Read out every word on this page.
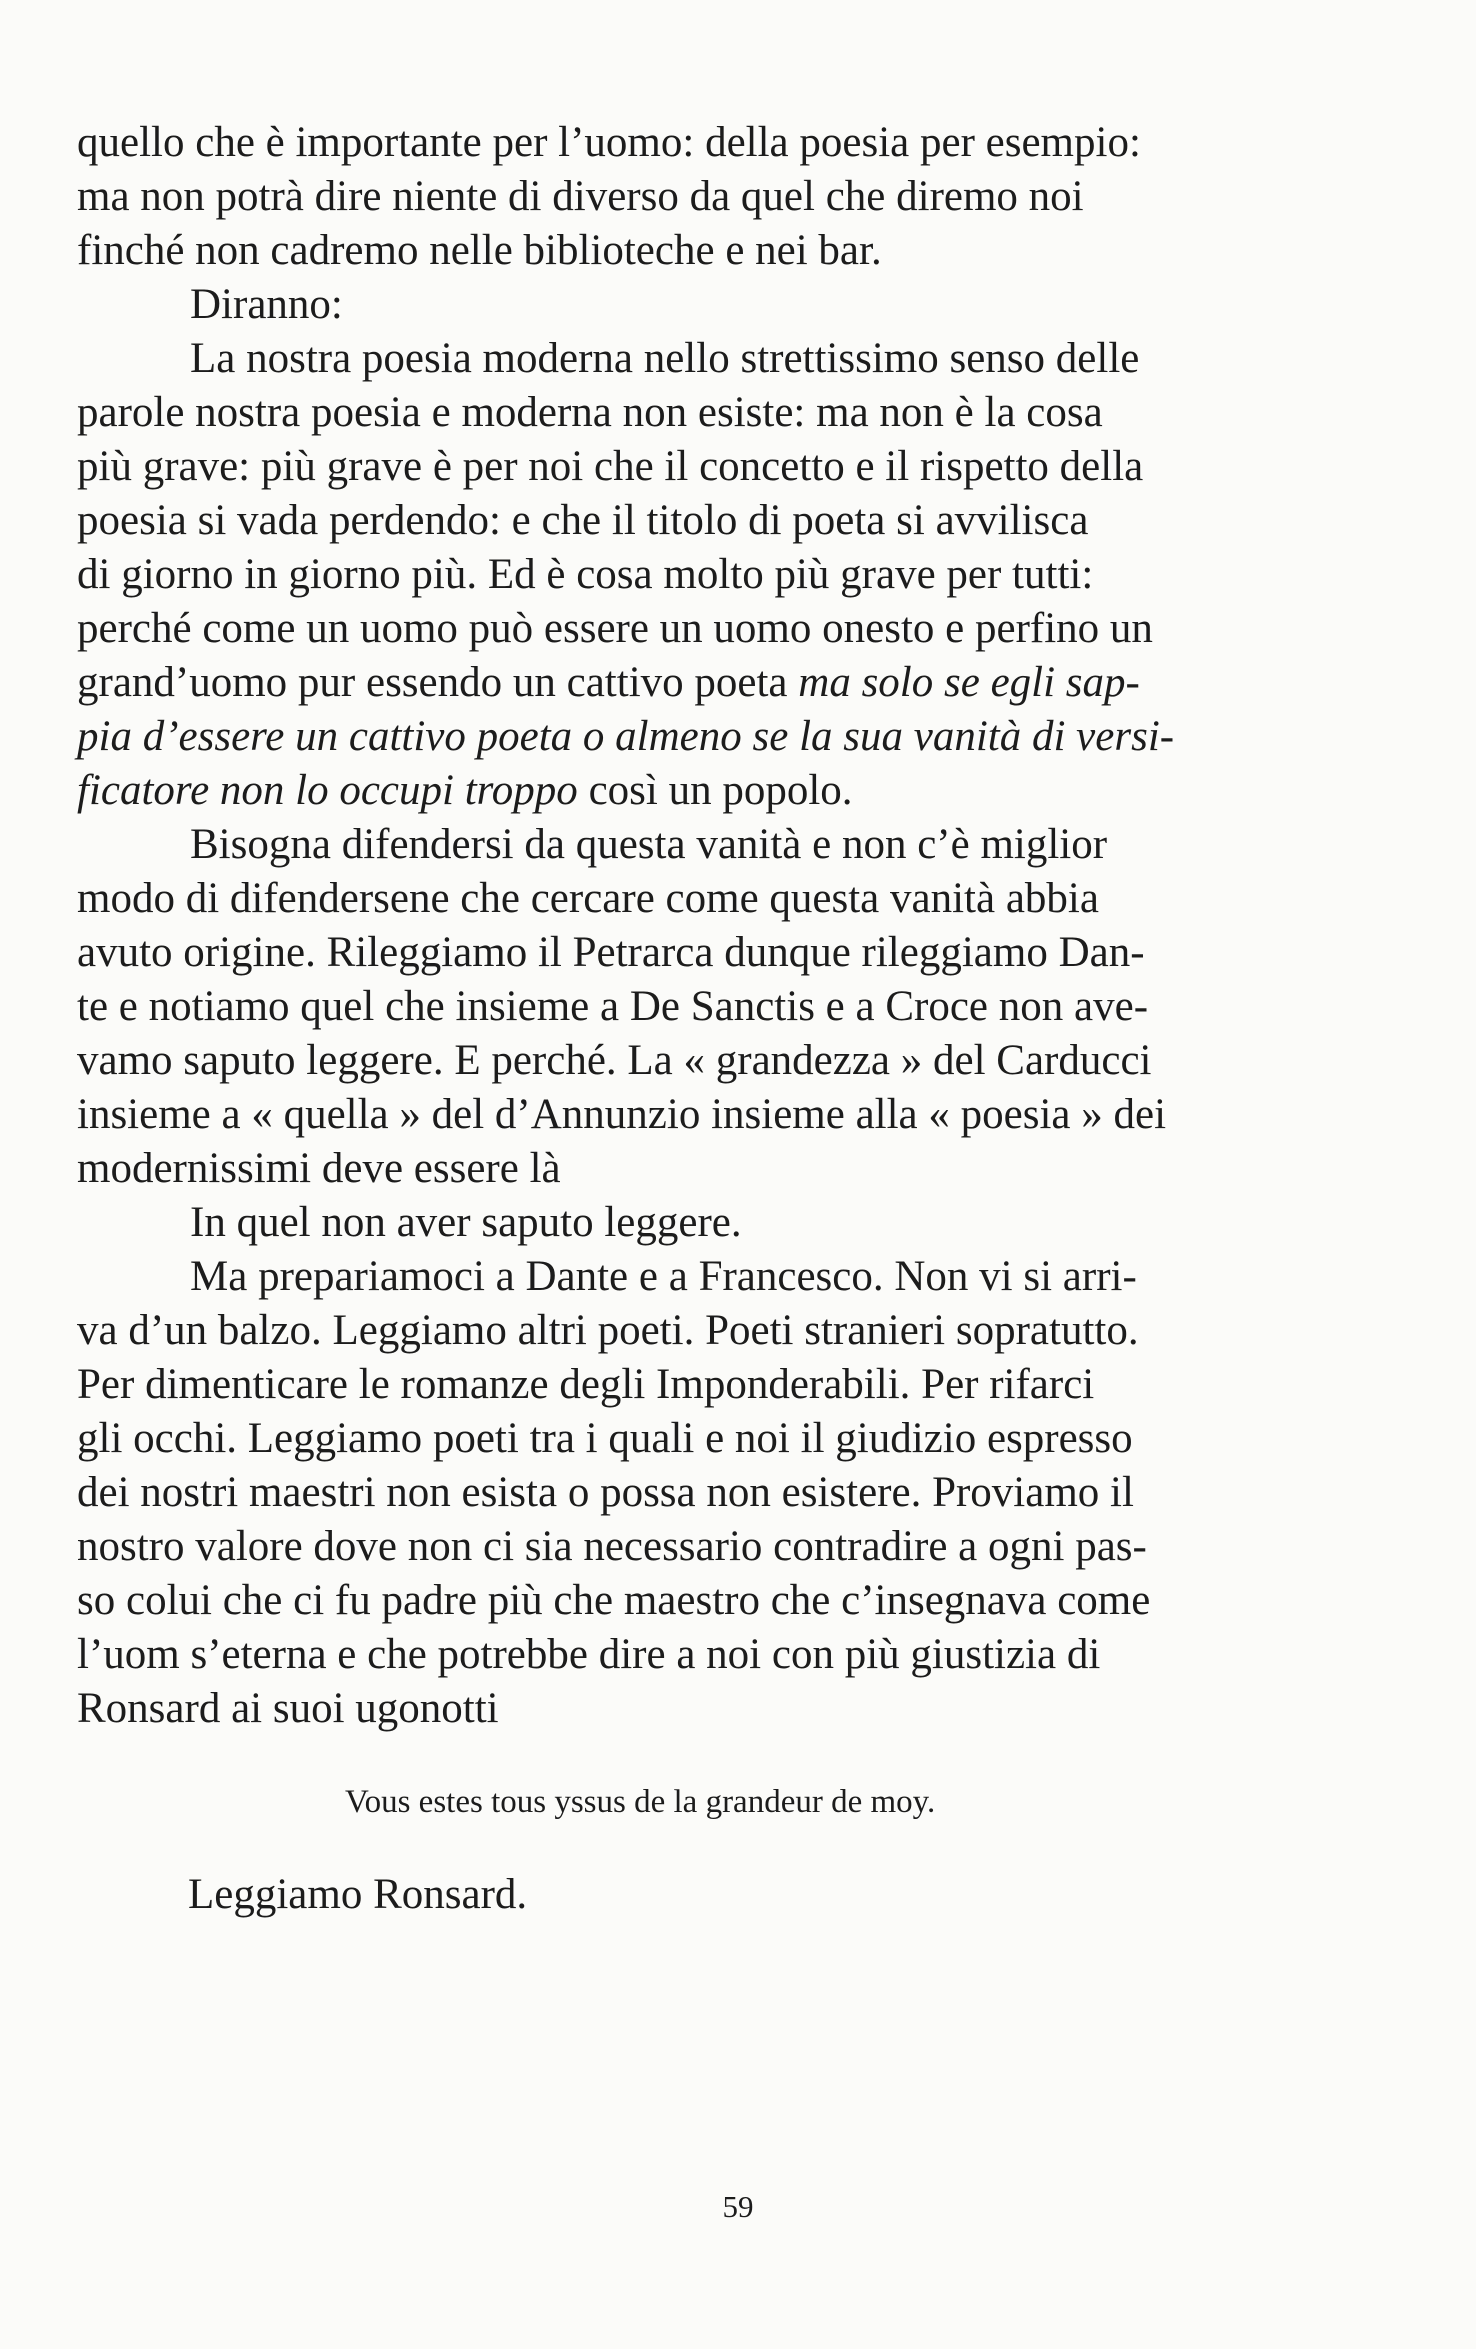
quello che è importante per l’uomo: della poesia per esempio:
ma non potrà dire niente di diverso da quel che diremo noi
finché non cadremo nelle biblioteche e nei bar.
Diranno:
La nostra poesia moderna nello strettissimo senso delle
parole nostra poesia e moderna non esiste: ma non è la cosa
più grave: più grave è per noi che il concetto e il rispetto della
poesia si vada perdendo: e che il titolo di poeta si avvilisca
di giorno in giorno più. Ed è cosa molto più grave per tutti:
perché come un uomo può essere un uomo onesto e perfino un
grand’uomo pur essendo un cattivo poeta ma solo se egli sap-
pia d’essere un cattivo poeta o almeno se la sua vanità di versi-
ficatore non lo occupi troppo così un popolo.
Bisogna difendersi da questa vanità e non c’è miglior
modo di difendersene che cercare come questa vanità abbia
avuto origine. Rileggiamo il Petrarca dunque rileggiamo Dan-
te e notiamo quel che insieme a De Sanctis e a Croce non ave-
vamo saputo leggere. E perché. La « grandezza » del Carducci
insieme a « quella » del d’Annunzio insieme alla « poesia » dei
modernissimi deve essere là
In quel non aver saputo leggere.
Ma prepariamoci a Dante e a Francesco. Non vi si arri-
va d’un balzo. Leggiamo altri poeti. Poeti stranieri sopratutto.
Per dimenticare le romanze degli Imponderabili. Per rifarci
gli occhi. Leggiamo poeti tra i quali e noi il giudizio espresso
dei nostri maestri non esista o possa non esistere. Proviamo il
nostro valore dove non ci sia necessario contradire a ogni pas-
so colui che ci fu padre più che maestro che c’insegnava come
l’uom s’eterna e che potrebbe dire a noi con più giustizia di
Ronsard ai suoi ugonotti
Vous estes tous yssus de la grandeur de moy.
Leggiamo Ronsard.
59
